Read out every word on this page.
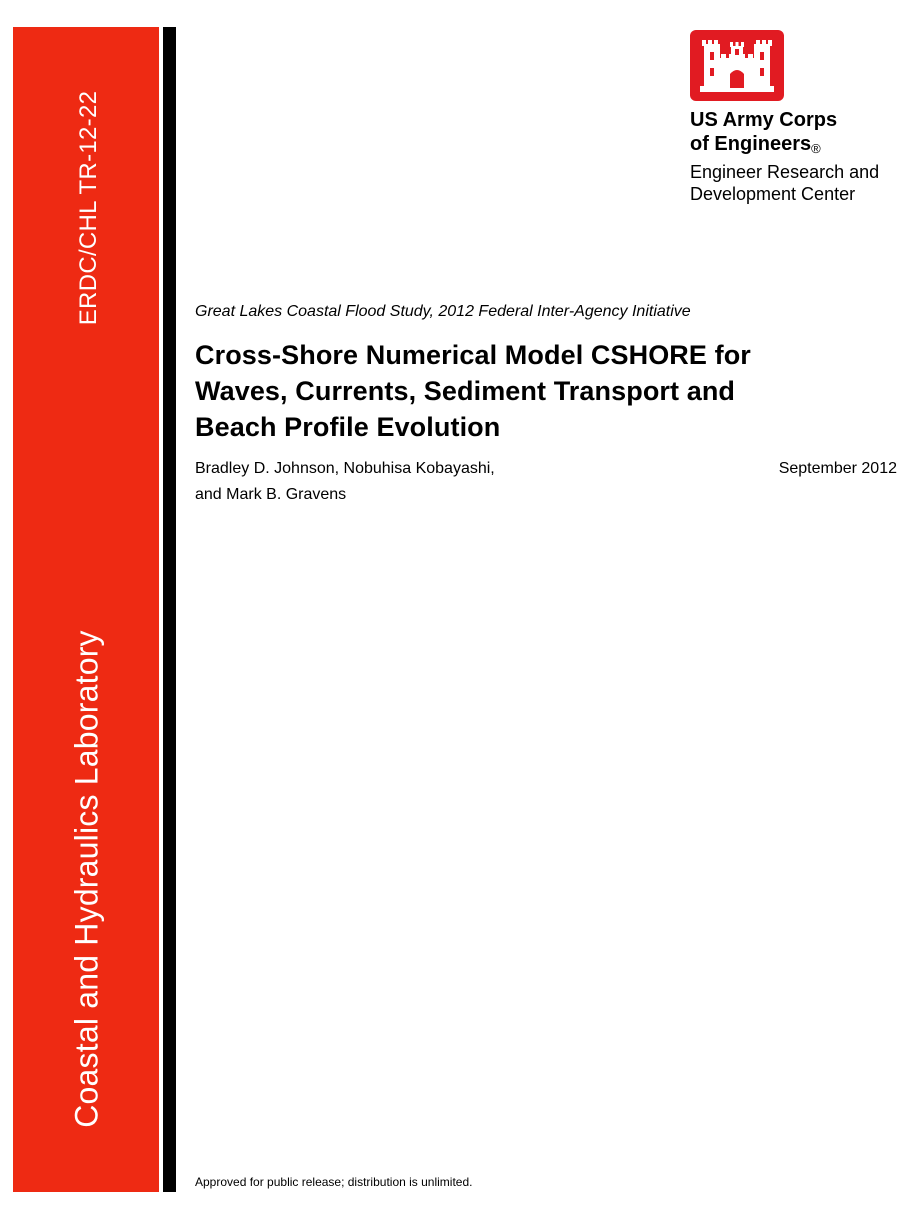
ERDC/CHL TR-12-22
Coastal and Hydraulics Laboratory
US Army Corps
of Engineers$_®$
Engineer Research and
Development Center
Great Lakes Coastal Flood Study, 2012 Federal Inter-Agency Initiative
Cross-Shore Numerical Model CSHORE for
Waves, Currents, Sediment Transport and
Beach Profile Evolution
Bradley D. Johnson, Nobuhisa Kobayashi,
and Mark B. Gravens
September 2012
Approved for public release; distribution is unlimited.
